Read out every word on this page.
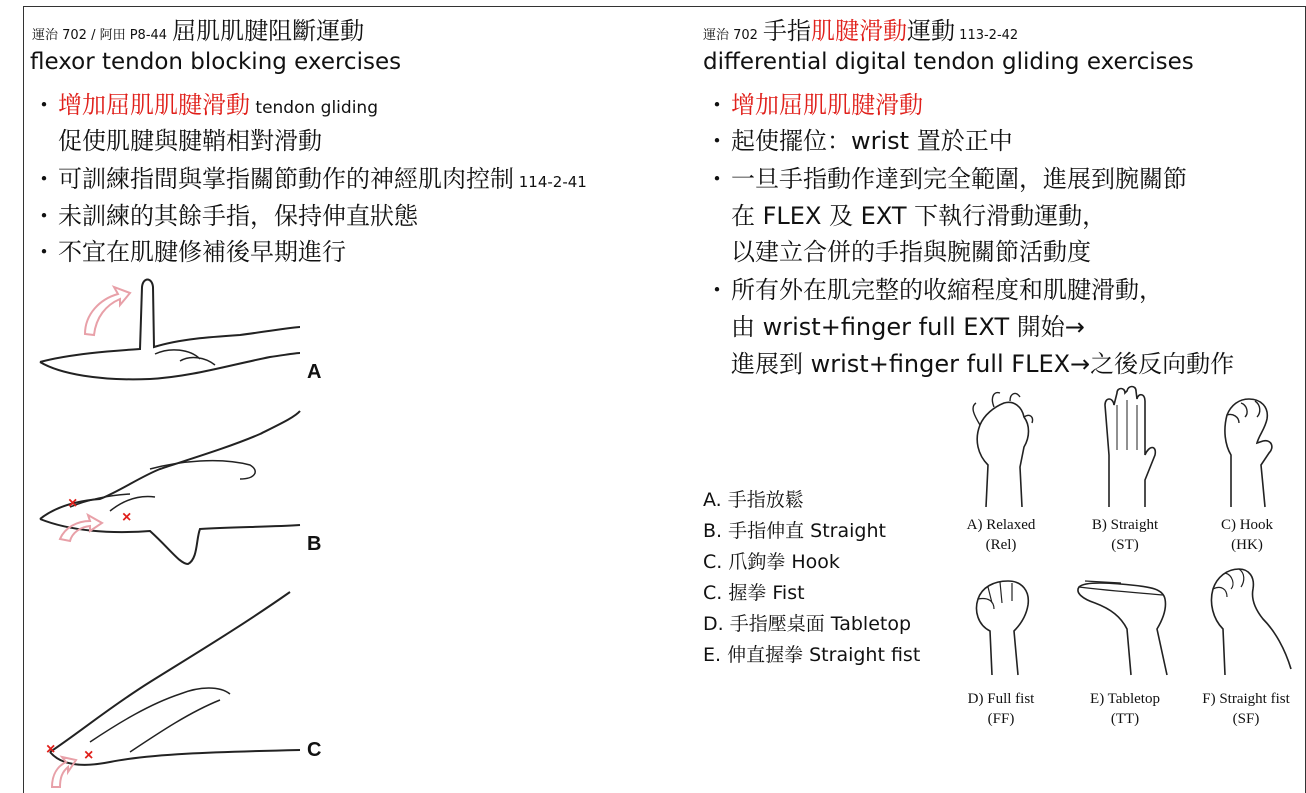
運治 702 / 阿田 P8-44 屈肌肌腱阻斷運動
flexor tendon blocking exercises
・增加屈肌肌腱滑動 tendon gliding
促使肌腱與腱鞘相對滑動
・可訓練指間與掌指關節動作的神經肌肉控制 114-2-41
・未訓練的其餘手指，保持伸直狀態
・不宜在肌腱修補後早期進行
A
×
×
B
× ×	C
運治 702 手指肌腱滑動運動 113-2-42
differential digital tendon gliding exercises
・增加屈肌肌腱滑動
・起使擺位：wrist 置於正中
・一旦手指動作達到完全範圍，進展到腕關節
在 FLEX 及 EXT 下執行滑動運動，
以建立合併的手指與腕關節活動度
・所有外在肌完整的收縮程度和肌腱滑動，
由 wrist+finger full EXT 開始→
進展到 wrist+finger full FLEX→之後反向動作
A. 手指放鬆
B. 手指伸直 Straight
C. 爪鉤拳 Hook
C. 握拳 Fist
D. 手指壓桌面 Tabletop
E. 伸直握拳 Straight fist
A) Relaxed
(Rel)
B) Straight
(ST)
C) Hook
(HK)
D) Full fist
(FF)
E) Tabletop
(TT)
F) Straight fist
(SF)
